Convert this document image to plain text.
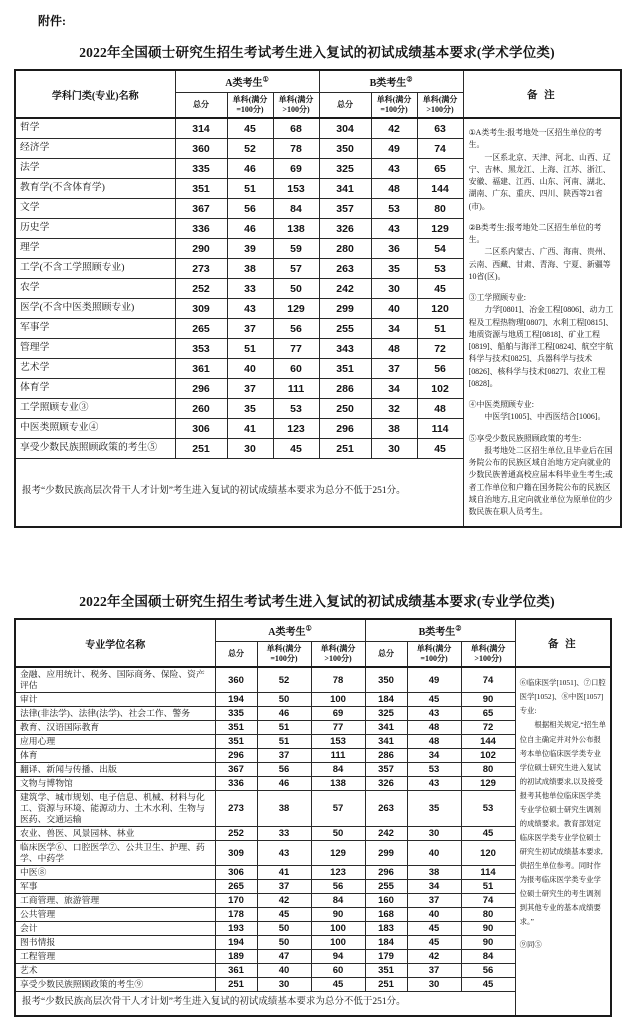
附件:
2022年全国硕士研究生招生考试考生进入复试的初试成绩基本要求(学术学位类)
学科门类(专业)名称	A类考生①			B类考生②			备 注
	总分	单科(满分=100分)	单科(满分>100分)	总分	单科(满分=100分)	单科(满分>100分)	
哲学	314	45	68	304	42	63	①A类考生:报考地处一区招生单位的考生。
一区系北京、天津、河北、山西、辽宁、吉林、黑龙江、上海、江苏、浙江、安徽、福建、江西、山东、河南、湖北、湖南、广东、重庆、四川、陕西等21省(市)。
②B类考生:报考地处二区招生单位的考生。
二区系内蒙古、广西、海南、贵州、云南、西藏、甘肃、青海、宁夏、新疆等10省(区)。
③工学照顾专业:
力学[0801]、冶金工程[0806]、动力工程及工程热物理[0807]、水利工程[0815]、地质资源与地质工程[0818]、矿业工程[0819]、船舶与海洋工程[0824]、航空宇航科学与技术[0825]、兵器科学与技术[0826]、核科学与技术[0827]、农业工程[0828]。
④中医类照顾专业:
中医学[1005]、中西医结合[1006]。
⑤享受少数民族照顾政策的考生:
报考地处二区招生单位,且毕业后在国务院公布的民族区域自治地方定向就业的少数民族普通高校应届本科毕业生考生;或者工作单位和户籍在国务院公布的民族区域自治地方,且定向就业单位为原单位的少数民族在职人员考生。

经济学	360	52	78	350	49	74	
法学	335	46	69	325	43	65	
教育学(不含体育学)	351	51	153	341	48	144	
文学	367	56	84	357	53	80	
历史学	336	46	138	326	43	129	
理学	290	39	59	280	36	54	
工学(不含工学照顾专业)	273	38	57	263	35	53	
农学	252	33	50	242	30	45	
医学(不含中医类照顾专业)	309	43	129	299	40	120	
军事学	265	37	56	255	34	51	
管理学	353	51	77	343	48	72	
艺术学	361	40	60	351	37	56	
体育学	296	37	111	286	34	102	
工学照顾专业③	260	35	53	250	32	48	
中医类照顾专业④	306	41	123	296	38	114	
享受少数民族照顾政策的考生⑤	251	30	45	251	30	45	
报考“少数民族高层次骨干人才计划”考生进入复试的初试成绩基本要求为总分不低于251分。							
2022年全国硕士研究生招生考试考生进入复试的初试成绩基本要求(专业学位类)
专业学位名称	A类考生①			B类考生②			备 注
	总分	单科(满分=100分)	单科(满分>100分)	总分	单科(满分=100分)	单科(满分>100分)	
金融、应用统计、税务、国际商务、保险、资产评估	360	52	78	350	49	74	⑥临床医学[1051]、⑦口腔医学[1052]、⑧中医[1057]专业:
根据相关规定,“招生单位自主确定并对外公布报考本单位临床医学类专业学位硕士研究生进入复试的初试成绩要求,以及接受报考其他单位临床医学类专业学位硕士研究生调剂的成绩要求。教育部划定临床医学类专业学位硕士研究生初试成绩基本要求,供招生单位参考。同时作为报考临床医学类专业学位硕士研究生的考生调剂到其他专业的基本成绩要求。”
⑨同⑤

审计	194	50	100	184	45	90	
法律(非法学)、法律(法学)、社会工作、警务	335	46	69	325	43	65	
教育、汉语国际教育	351	51	77	341	48	72	
应用心理	351	51	153	341	48	144	
体育	296	37	111	286	34	102	
翻译、新闻与传播、出版	367	56	84	357	53	80	
文物与博物馆	336	46	138	326	43	129	
建筑学、城市规划、电子信息、机械、材料与化工、资源与环境、能源动力、土木水利、生物与医药、交通运输	273	38	57	263	35	53	
农业、兽医、风景园林、林业	252	33	50	242	30	45	
临床医学⑥、口腔医学⑦、公共卫生、护理、药学、中药学	309	43	129	299	40	120	
中医⑧	306	41	123	296	38	114	
军事	265	37	56	255	34	51	
工商管理、旅游管理	170	42	84	160	37	74	
公共管理	178	45	90	168	40	80	
会计	193	50	100	183	45	90	
图书情报	194	50	100	184	45	90	
工程管理	189	47	94	179	42	84	
艺术	361	40	60	351	37	56	
享受少数民族照顾政策的考生⑨	251	30	45	251	30	45	
报考“少数民族高层次骨干人才计划”考生进入复试的初试成绩基本要求为总分不低于251分。							
